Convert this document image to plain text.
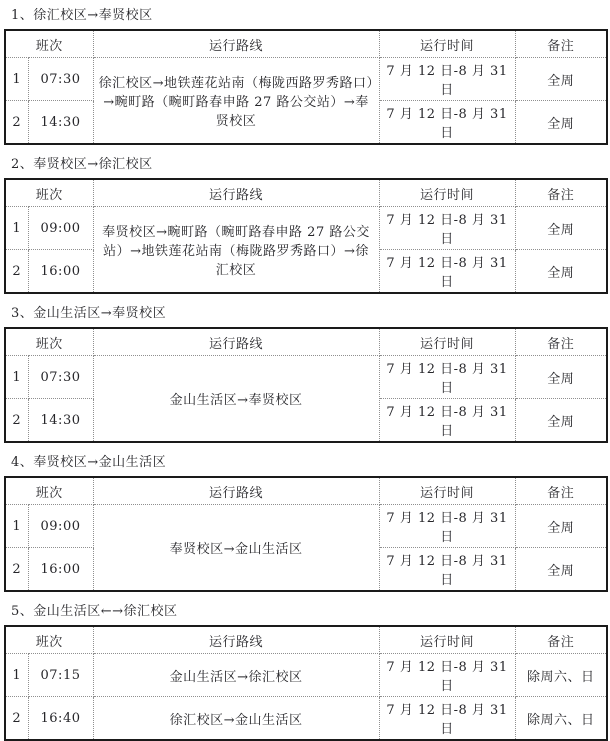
1、徐汇校区→奉贤校区
班次		运行路线	运行时间	备注
1	07:30	徐汇校区→地铁莲花站南（梅陇西路罗秀路口）→畹町路（畹町路春申路 27 路公交站）→奉贤校区	7 月 12 日-8 月 31 日	全周
2	14:30		7 月 12 日-8 月 31 日	全周
2、奉贤校区→徐汇校区
班次		运行路线	运行时间	备注
1	09:00	奉贤校区→畹町路（畹町路春申路 27 路公交站）→地铁莲花站南（梅陇路罗秀路口）→徐汇校区	7 月 12 日-8 月 31 日	全周
2	16:00		7 月 12 日-8 月 31 日	全周
3、金山生活区→奉贤校区
班次		运行路线	运行时间	备注
1	07:30	金山生活区→奉贤校区	7 月 12 日-8 月 31 日	全周
2	14:30		7 月 12 日-8 月 31 日	全周
4、奉贤校区→金山生活区
班次		运行路线	运行时间	备注
1	09:00	奉贤校区→金山生活区	7 月 12 日-8 月 31 日	全周
2	16:00		7 月 12 日-8 月 31 日	全周
5、金山生活区←→徐汇校区
班次		运行路线	运行时间	备注
1	07:15	金山生活区→徐汇校区	7 月 12 日-8 月 31 日	除周六、日
2	16:40	徐汇校区→金山生活区	7 月 12 日-8 月 31 日	除周六、日
